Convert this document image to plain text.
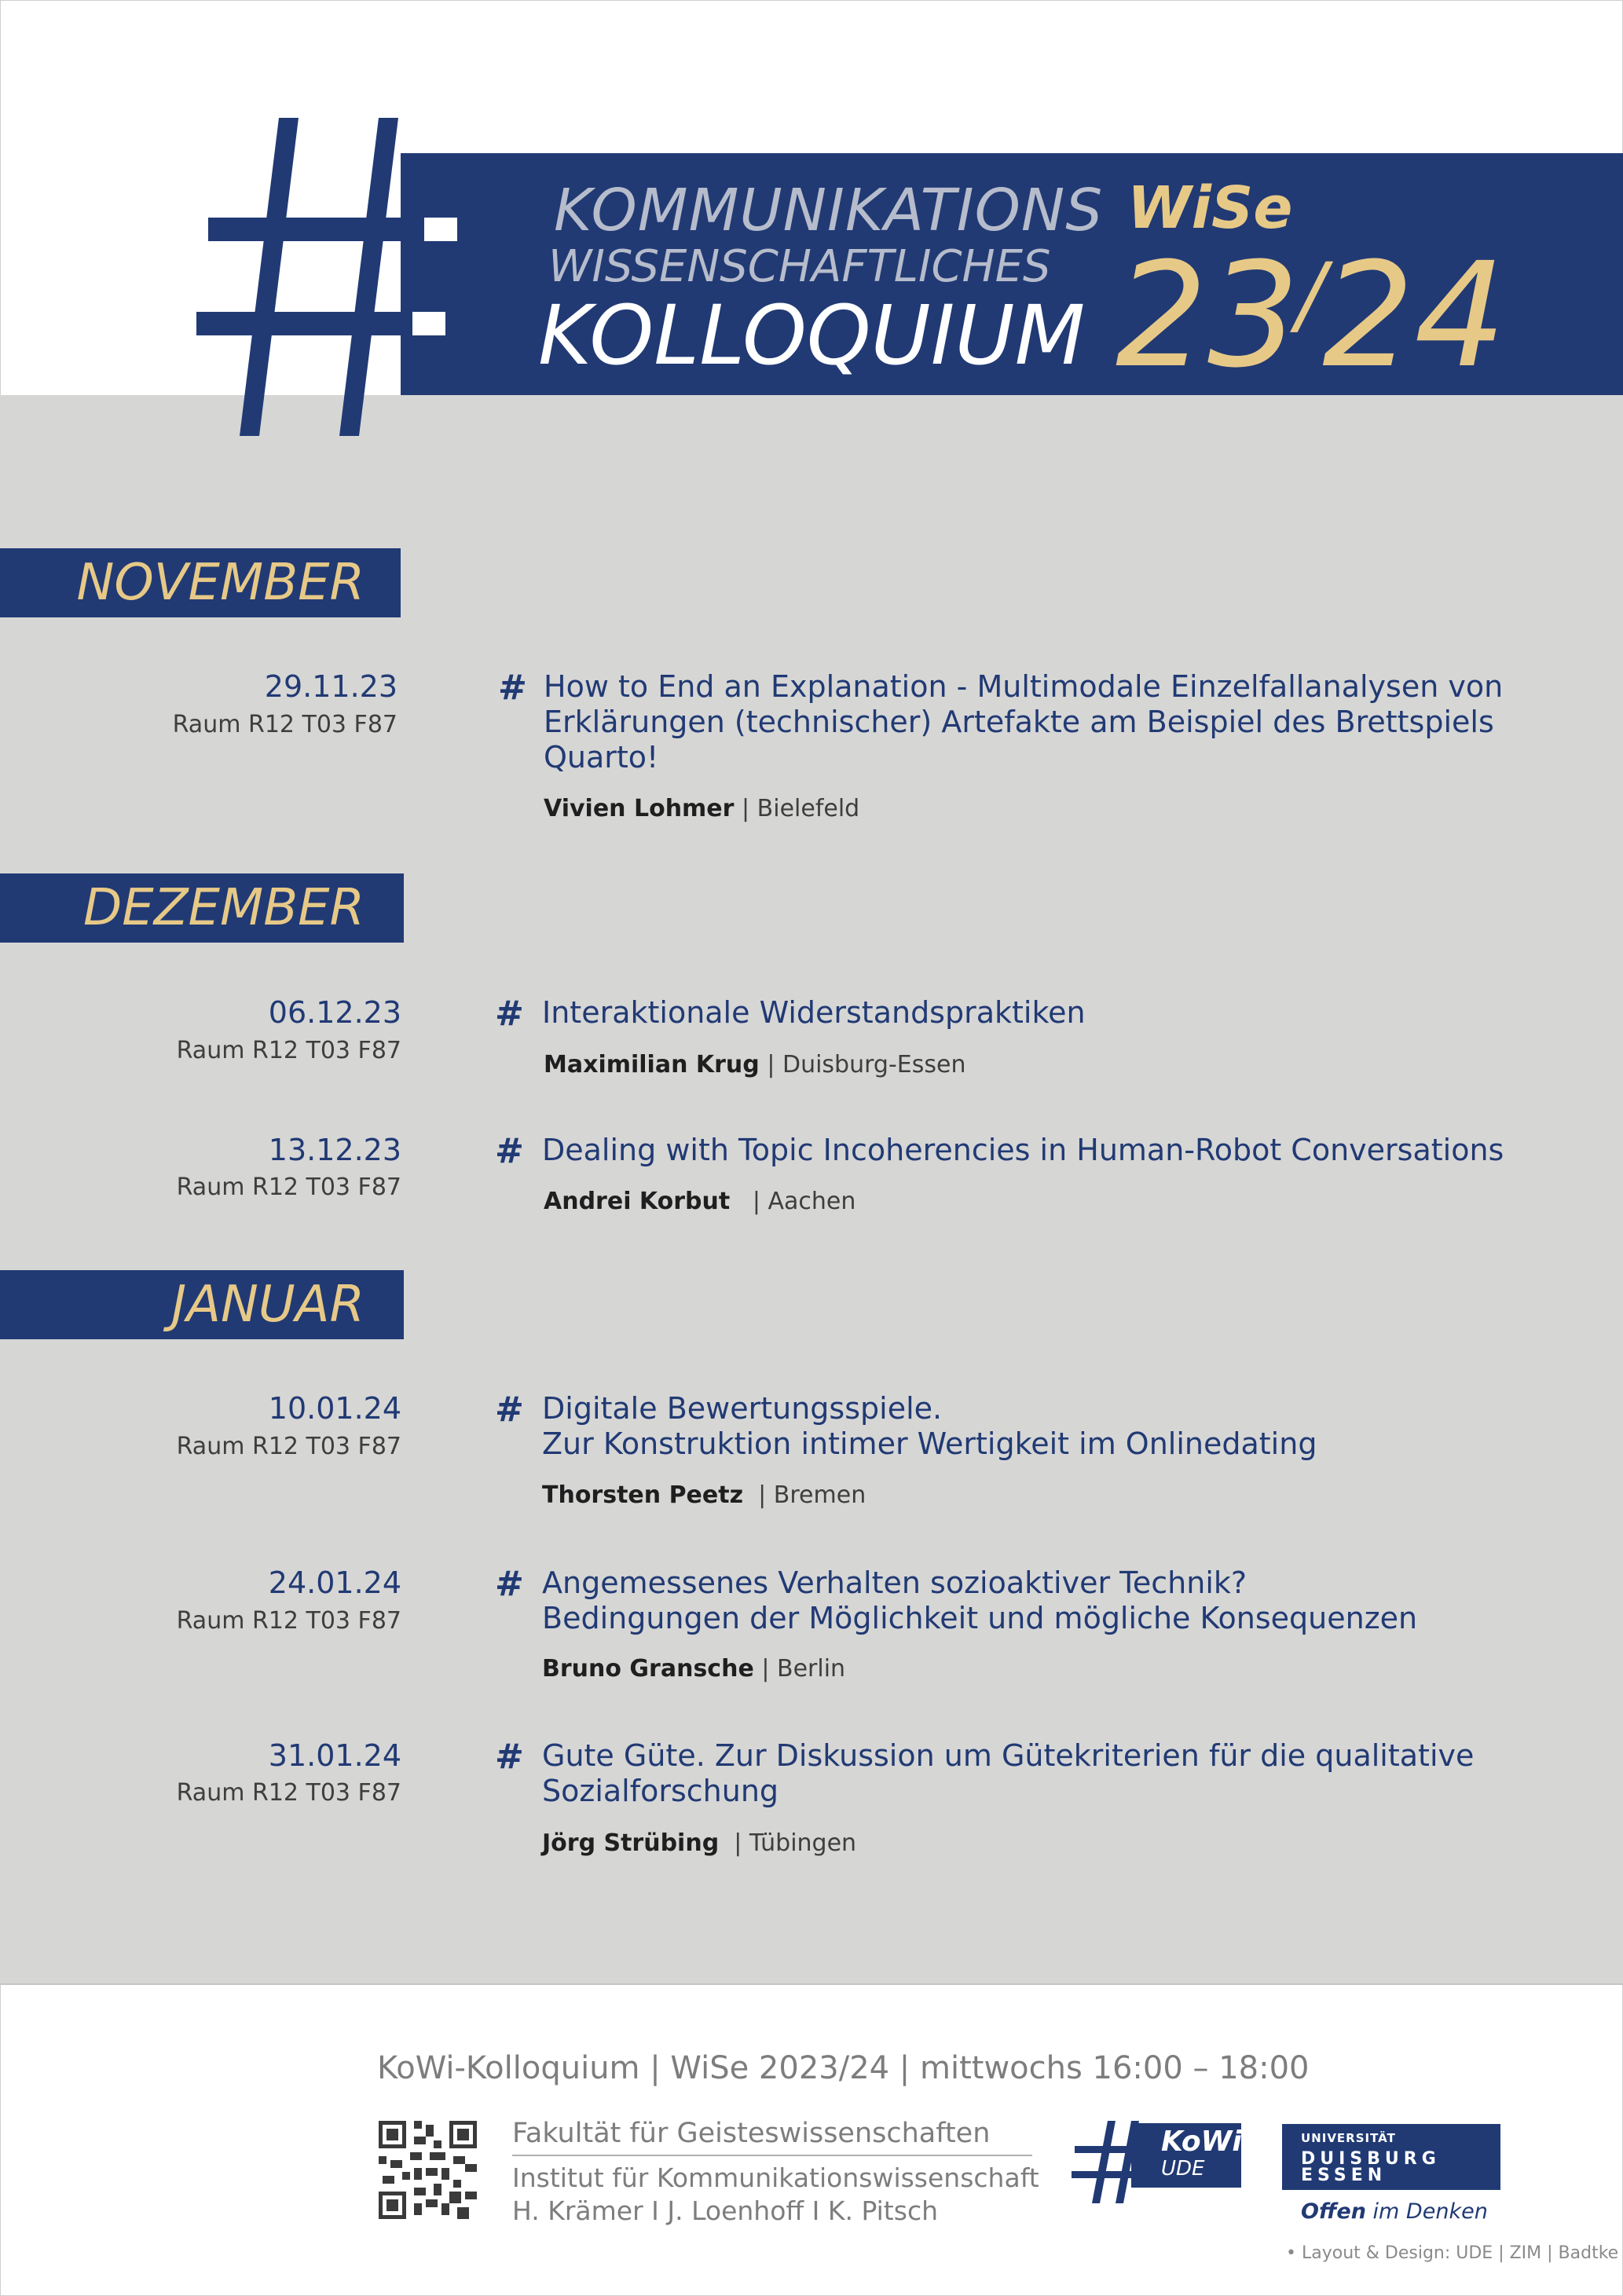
KOMMUNIKATIONS
WISSENSCHAFTLICHES
KOLLOQUIUM
WiSe
23/24
NOVEMBER
29.11.23
Raum R12 T03 F87
# How to End an Explanation - Multimodale Einzelfallanalysen von Erklärungen (technischer) Artefakte am Beispiel des Brettspiels Quarto!
Vivien Lohmer | Bielefeld
DEZEMBER
06.12.23
Raum R12 T03 F87
# Interaktionale Widerstandspraktiken
Maximilian Krug | Duisburg-Essen
13.12.23
Raum R12 T03 F87
# Dealing with Topic Incoherencies in Human-Robot Conversations
Andrei Korbut | Aachen
JANUAR
10.01.24
Raum R12 T03 F87
# Digitale Bewertungsspiele.
Zur Konstruktion intimer Wertigkeit im Onlinedating
Thorsten Peetz | Bremen
24.01.24
Raum R12 T03 F87
# Angemessenes Verhalten sozioaktiver Technik?
Bedingungen der Möglichkeit und mögliche Konsequenzen
Bruno Gransche | Berlin
31.01.24
Raum R12 T03 F87
# Gute Güte. Zur Diskussion um Gütekriterien für die qualitative Sozialforschung
Jörg Strübing | Tübingen
KoWi-Kolloquium | WiSe 2023/24 | mittwochs 16:00 – 18:00
Fakultät für Geisteswissenschaften
Institut für Kommunikationswissenschaft
H. Krämer I J. Loenhoff I K. Pitsch
KoWi
UDE
UNIVERSITÄT
DUISBURG
ESSEN
Offen im Denken
• Layout & Design: UDE | ZIM | Badtke
